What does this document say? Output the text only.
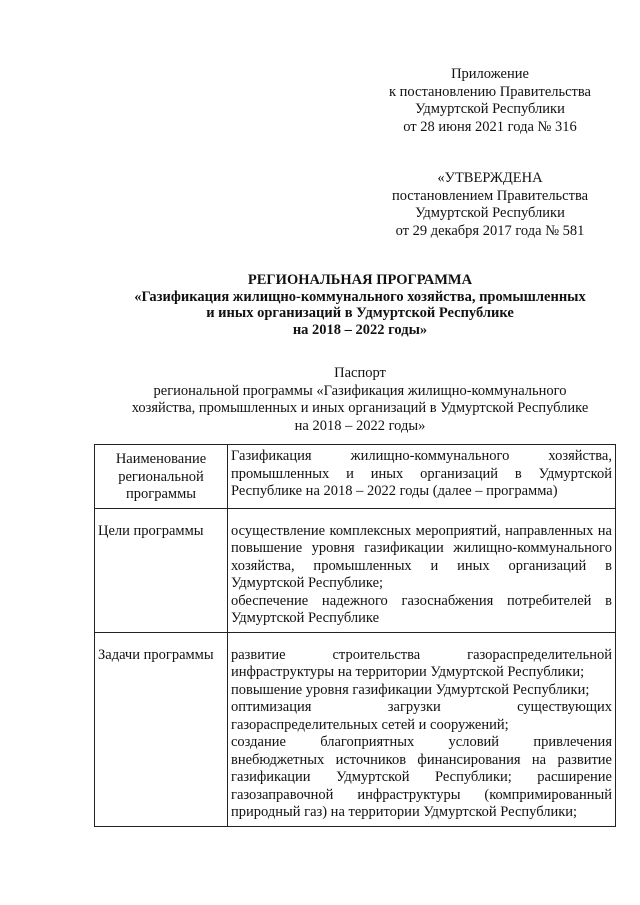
Приложение
к постановлению Правительства
Удмуртской Республики
от 28 июня 2021 года № 316
«УТВЕРЖДЕНА
постановлением Правительства
Удмуртской Республики
от 29 декабря 2017 года № 581
РЕГИОНАЛЬНАЯ ПРОГРАММА
«Газификация жилищно-коммунального хозяйства, промышленных
и иных организаций в Удмуртской Республике
на 2018 – 2022 годы»
Паспорт
региональной программы «Газификация жилищно-коммунального
хозяйства, промышленных и иных организаций в Удмуртской Республике
на 2018 – 2022 годы»
Наименование региональной программы	Газификация жилищно-коммунального хозяйства, промышленных и иных организаций в Удмуртской Республике на 2018 – 2022 годы (далее – программа)

Цели программы	осуществление комплексных мероприятий, направленных на повышение уровня газификации жилищно-коммунального хозяйства, промышленных и иных организаций в Удмуртской Республике;
обеспечение надежного газоснабжения потребителей в Удмуртской Республике

Задачи программы	развитие строительства газораспределительной инфраструктуры на территории Удмуртской Республики;
повышение уровня газификации Удмуртской Республики;
оптимизация загрузки существующих газораспределительных сетей и сооружений;
создание благоприятных условий привлечения внебюджетных источников финансирования на развитие газификации Удмуртской Республики; расширение газозаправочной инфраструктуры (компримированный природный газ) на территории Удмуртской Республики;
